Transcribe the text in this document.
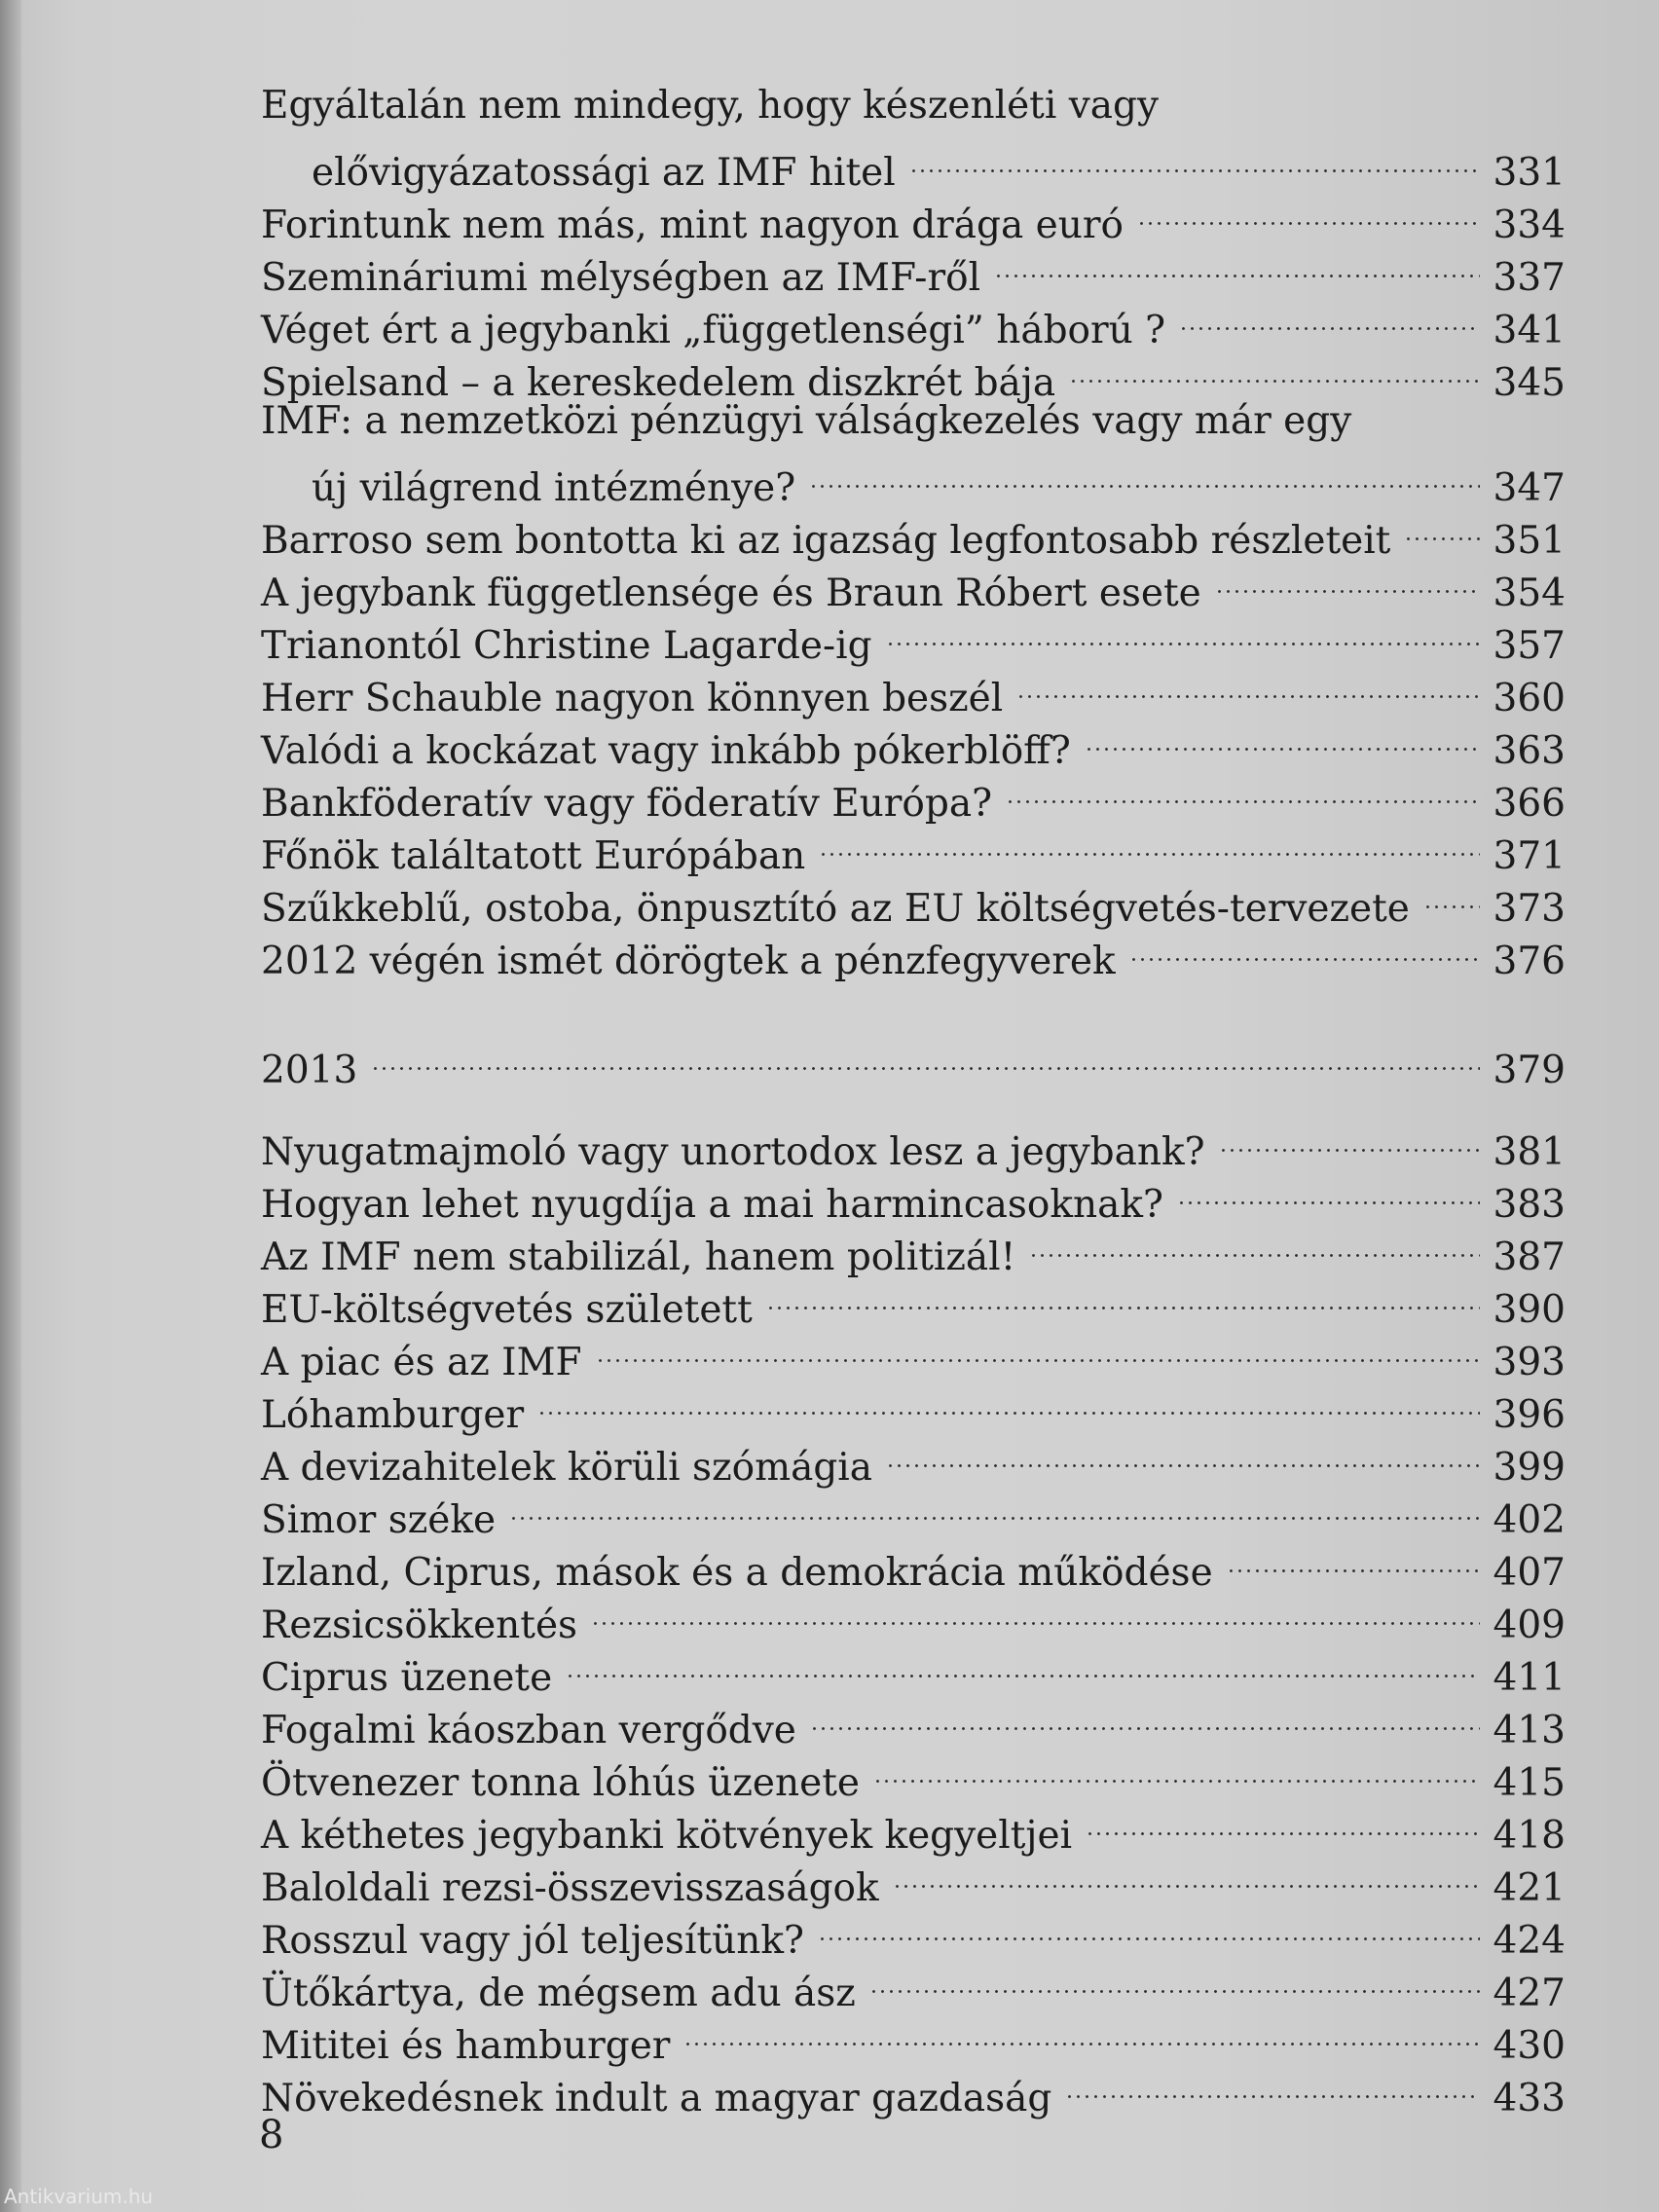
Egyáltalán nem mindegy, hogy készenléti vagy
elővigyázatossági az IMF hitel	331
Forintunk nem más, mint nagyon drága euró	334
Szemináriumi mélységben az IMF-ről	337
Véget ért a jegybanki „függetlenségi” háború ?	341
Spielsand – a kereskedelem diszkrét bája	345
IMF: a nemzetközi pénzügyi válságkezelés vagy már egy
új világrend intézménye?	347
Barroso sem bontotta ki az igazság legfontosabb részleteit	351
A jegybank függetlensége és Braun Róbert esete	354
Trianontól Christine Lagarde-ig	357
Herr Schauble nagyon könnyen beszél	360
Valódi a kockázat vagy inkább pókerblöff?	363
Bankföderatív vagy föderatív Európa?	366
Főnök találtatott Európában	371
Szűkkeblű, ostoba, önpusztító az EU költségvetés-tervezete	373
2012 végén ismét dörögtek a pénzfegyverek	376
2013	379
Nyugatmajmoló vagy unortodox lesz a jegybank?	381
Hogyan lehet nyugdíja a mai harmincasoknak?	383
Az IMF nem stabilizál, hanem politizál!	387
EU-költségvetés született	390
A piac és az IMF	393
Lóhamburger	396
A devizahitelek körüli szómágia	399
Simor széke	402
Izland, Ciprus, mások és a demokrácia működése	407
Rezsicsökkentés	409
Ciprus üzenete	411
Fogalmi káoszban vergődve	413
Ötvenezer tonna lóhús üzenete	415
A kéthetes jegybanki kötvények kegyeltjei	418
Baloldali rezsi-összevisszaságok	421
Rosszul vagy jól teljesítünk?	424
Ütőkártya, de mégsem adu ász	427
Mititei és hamburger	430
Növekedésnek indult a magyar gazdaság	433
8
Antikvarium.hu
